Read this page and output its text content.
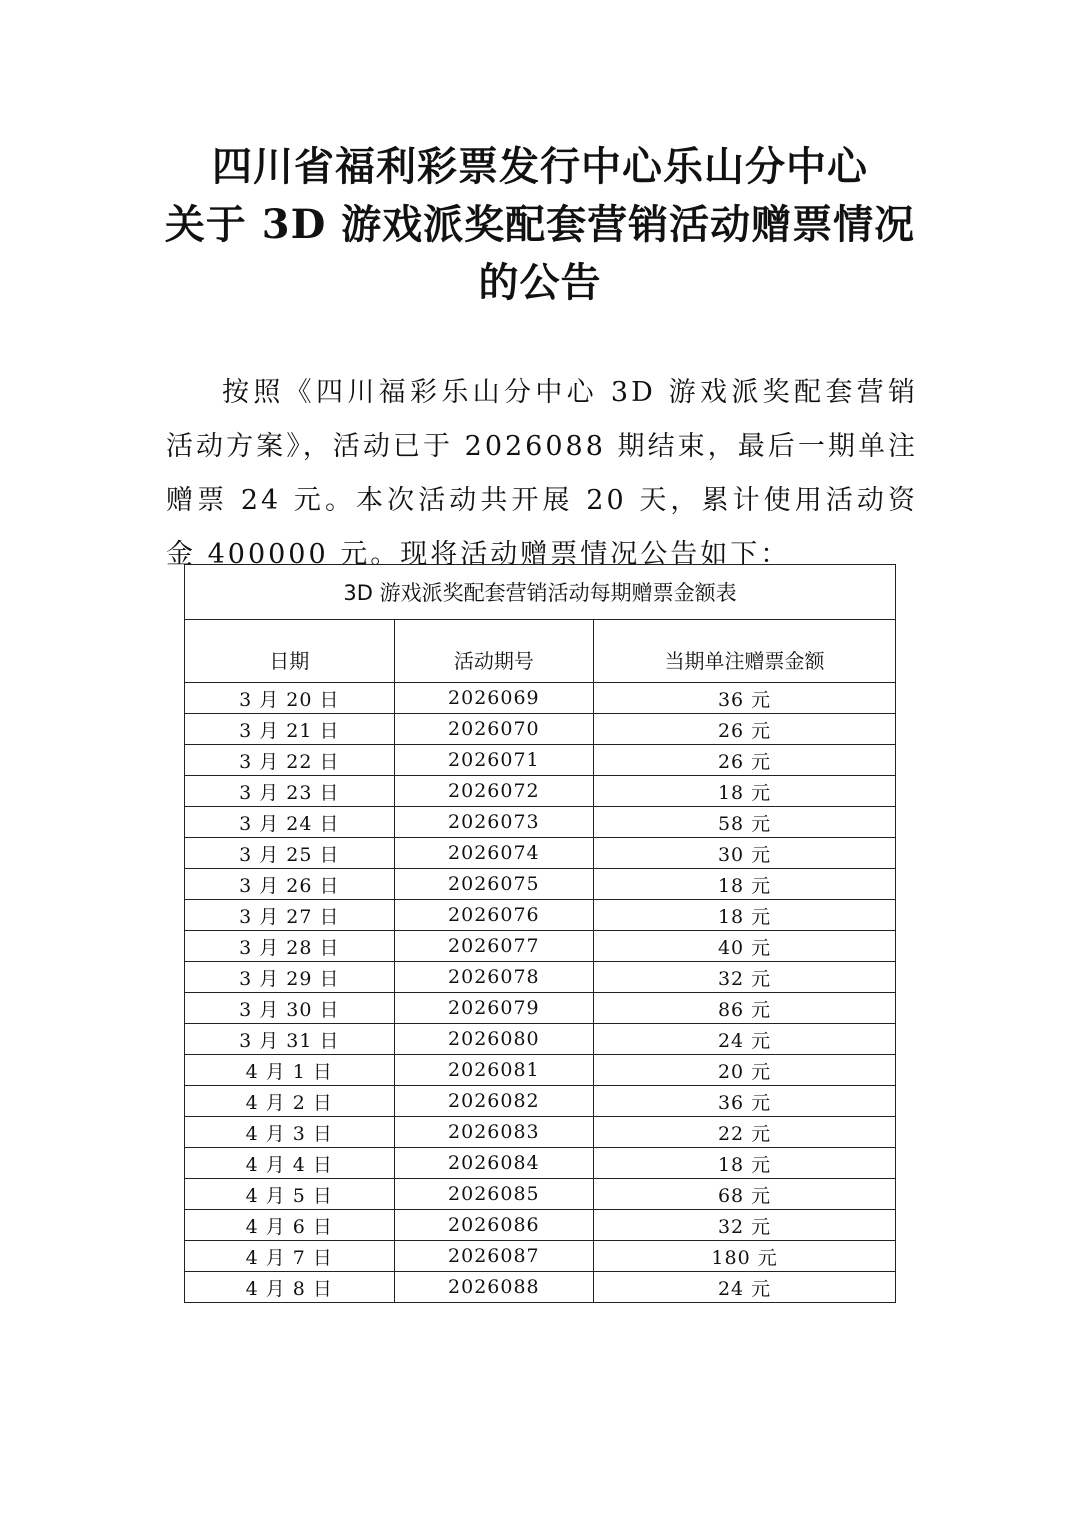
四川省福利彩票发行中心乐山分中心
关于 3D 游戏派奖配套营销活动赠票情况
的公告

按照《四川福彩乐山分中心 3D 游戏派奖配套营销活动方案》，活动已于 2026088 期结束，最后一期单注赠票 24 元。本次活动共开展 20 天，累计使用活动资金 400000 元。现将活动赠票情况公告如下：

3D 游戏派奖配套营销活动每期赠票金额表		
日期	活动期号	当期单注赠票金额
3 月 20 日	2026069	36 元
3 月 21 日	2026070	26 元
3 月 22 日	2026071	26 元
3 月 23 日	2026072	18 元
3 月 24 日	2026073	58 元
3 月 25 日	2026074	30 元
3 月 26 日	2026075	18 元
3 月 27 日	2026076	18 元
3 月 28 日	2026077	40 元
3 月 29 日	2026078	32 元
3 月 30 日	2026079	86 元
3 月 31 日	2026080	24 元
4 月 1 日	2026081	20 元
4 月 2 日	2026082	36 元
4 月 3 日	2026083	22 元
4 月 4 日	2026084	18 元
4 月 5 日	2026085	68 元
4 月 6 日	2026086	32 元
4 月 7 日	2026087	180 元
4 月 8 日	2026088	24 元
